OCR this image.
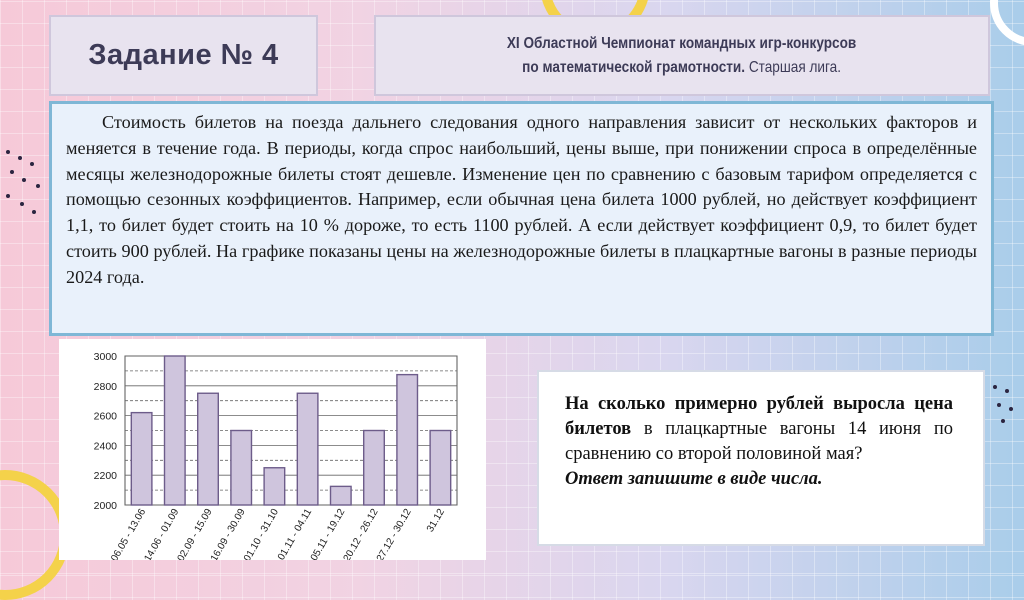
Задание № 4	XI Областной Чемпионат командных игр-конкурсов
по математической грамотности. Старшая лига.

Стоимость билетов на поезда дальнего следования одного направления зависит от нескольких факторов и меняется в течение года. В периоды, когда спрос наибольший, цены выше, при понижении спроса в определённые месяцы железнодорожные билеты стоят дешевле. Изменение цен по сравнению с базовым тарифом определяется с помощью сезонных коэффициентов. Например, если обычная цена билета 1000 рублей, но действует коэффициент 1,1, то билет будет стоить на 10 % дороже, то есть 1100 рублей. А если действует коэффициент 0,9, то билет будет стоить 900 рублей. На графике показаны цены на железнодорожные билеты в плацкартные вагоны в разные периоды 2024 года.

2000
2200
2400
2600
2800
3000
06.05 - 13.06
14.06 - 01.09
02.09 - 15.09
16.09 - 30.09
01.10 - 31.10
01.11 - 04.11
05.11 - 19.12
20.12 - 26.12
27.12 - 30.12 31.12

На сколько примерно рублей выросла цена билетов в плацкартные вагоны 14 июня по сравнению со второй половиной мая?

Ответ запишите в виде числа.
